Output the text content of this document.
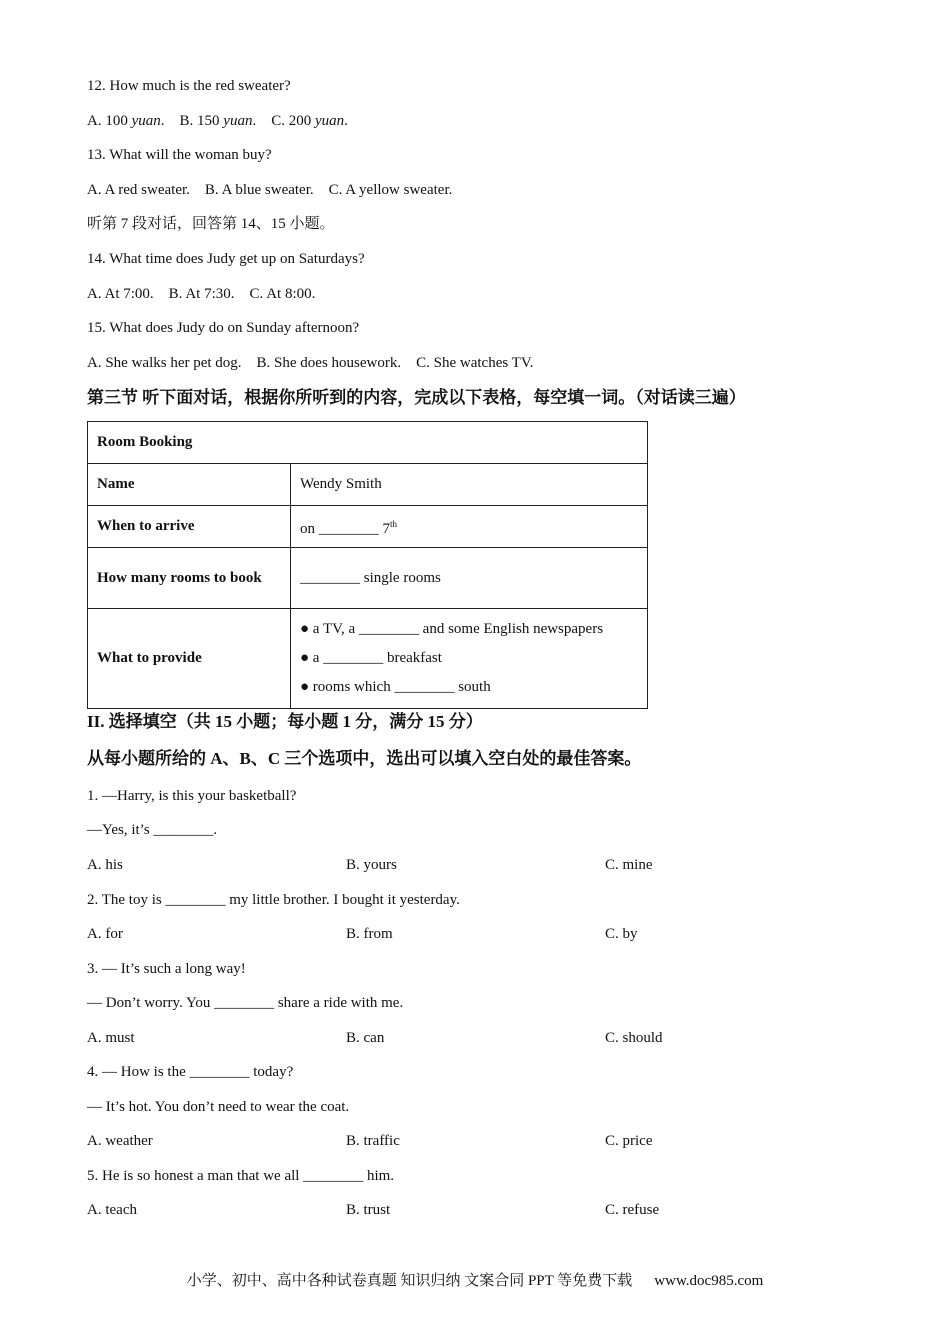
12. How much is the red sweater?
A. 100 yuan.    B. 150 yuan.    C. 200 yuan.
13. What will the woman buy?
A. A red sweater.    B. A blue sweater.    C. A yellow sweater.
听第 7 段对话，回答第 14、15 小题。
14. What time does Judy get up on Saturdays?
A. At 7:00.    B. At 7:30.    C. At 8:00.
15. What does Judy do on Sunday afternoon?
A. She walks her pet dog.    B. She does housework.    C. She watches TV.
第三节 听下面对话，根据你所听到的内容，完成以下表格，每空填一词。（对话读三遍）
Room Booking	
Name	Wendy Smith
When to arrive	on ________ 7th
How many rooms to book	________ single rooms
What to provide	● a TV, a ________ and some English newspapers
● a ________ breakfast
● rooms which ________ south
II. 选择填空（共 15 小题；每小题 1 分，满分 15 分）
从每小题所给的 A、B、C 三个选项中，选出可以填入空白处的最佳答案。
1. —Harry, is this your basketball?
—Yes, it’s ________.
A. his	B. yours	C. mine
2. The toy is ________ my little brother. I bought it yesterday.
A. for	B. from	C. by
3. — It’s such a long way!
— Don’t worry. You ________ share a ride with me.
A. must	B. can	C. should
4. — How is the ________ today?
— It’s hot. You don’t need to wear the coat.
A. weather	B. traffic	C. price
5. He is so honest a man that we all ________ him.
A. teach	B. trust	C. refuse
小学、初中、高中各种试卷真题 知识归纳 文案合同 PPT 等免费下载 www.doc985.com
